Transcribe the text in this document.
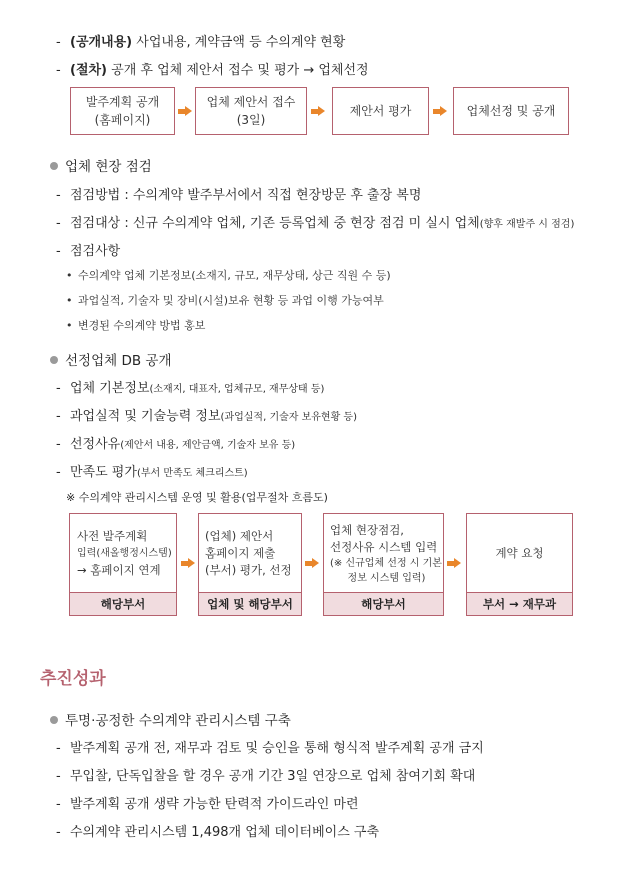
- (공개내용) 사업내용, 계약금액 등 수의계약 현황
- (절차) 공개 후 업체 제안서 접수 및 평가 → 업체선정
발주계획 공개
(홈페이지)
업체 제안서 접수
(3일)
제안서 평가	업체선정 및 공개
업체 현장 점검
- 점검방법 : 수의계약 발주부서에서 직접 현장방문 후 출장 복명
- 점검대상 : 신규 수의계약 업체, 기존 등록업체 중 현장 점검 미 실시 업체(향후 재발주 시 점검)
- 점검사항
• 수의계약 업체 기본정보(소재지, 규모, 재무상태, 상근 직원 수 등)
• 과업실적, 기술자 및 장비(시설)보유 현황 등 과업 이행 가능여부
• 변경된 수의계약 방법 홍보
선정업체 DB 공개
- 업체 기본정보(소재지, 대표자, 업체규모, 재무상태 등)
- 과업실적 및 기술능력 정보(과업실적, 기술자 보유현황 등)
- 선정사유(제안서 내용, 제안금액, 기술자 보유 등)
- 만족도 평가(부서 만족도 체크리스트)
※ 수의계약 관리시스템 운영 및 활용(업무절차 흐름도)
사전 발주계획
입력(새올행정시스템)
→ 홈페이지 연계
해당부서
(업체) 제안서
홈페이지 제출
(부서) 평가, 선정
업체 및 해당부서
업체 현장점검,
선정사유 시스템 입력
(※ 신규업체 선정 시 기본
정보 시스템 입력)
해당부서
계약 요청
부서 → 재무과
추진성과
투명·공정한 수의계약 관리시스템 구축
- 발주계획 공개 전, 재무과 검토 및 승인을 통해 형식적 발주계획 공개 금지
- 무입찰, 단독입찰을 할 경우 공개 기간 3일 연장으로 업체 참여기회 확대
- 발주계획 공개 생략 가능한 탄력적 가이드라인 마련
- 수의계약 관리시스템 1,498개 업체 데이터베이스 구축
